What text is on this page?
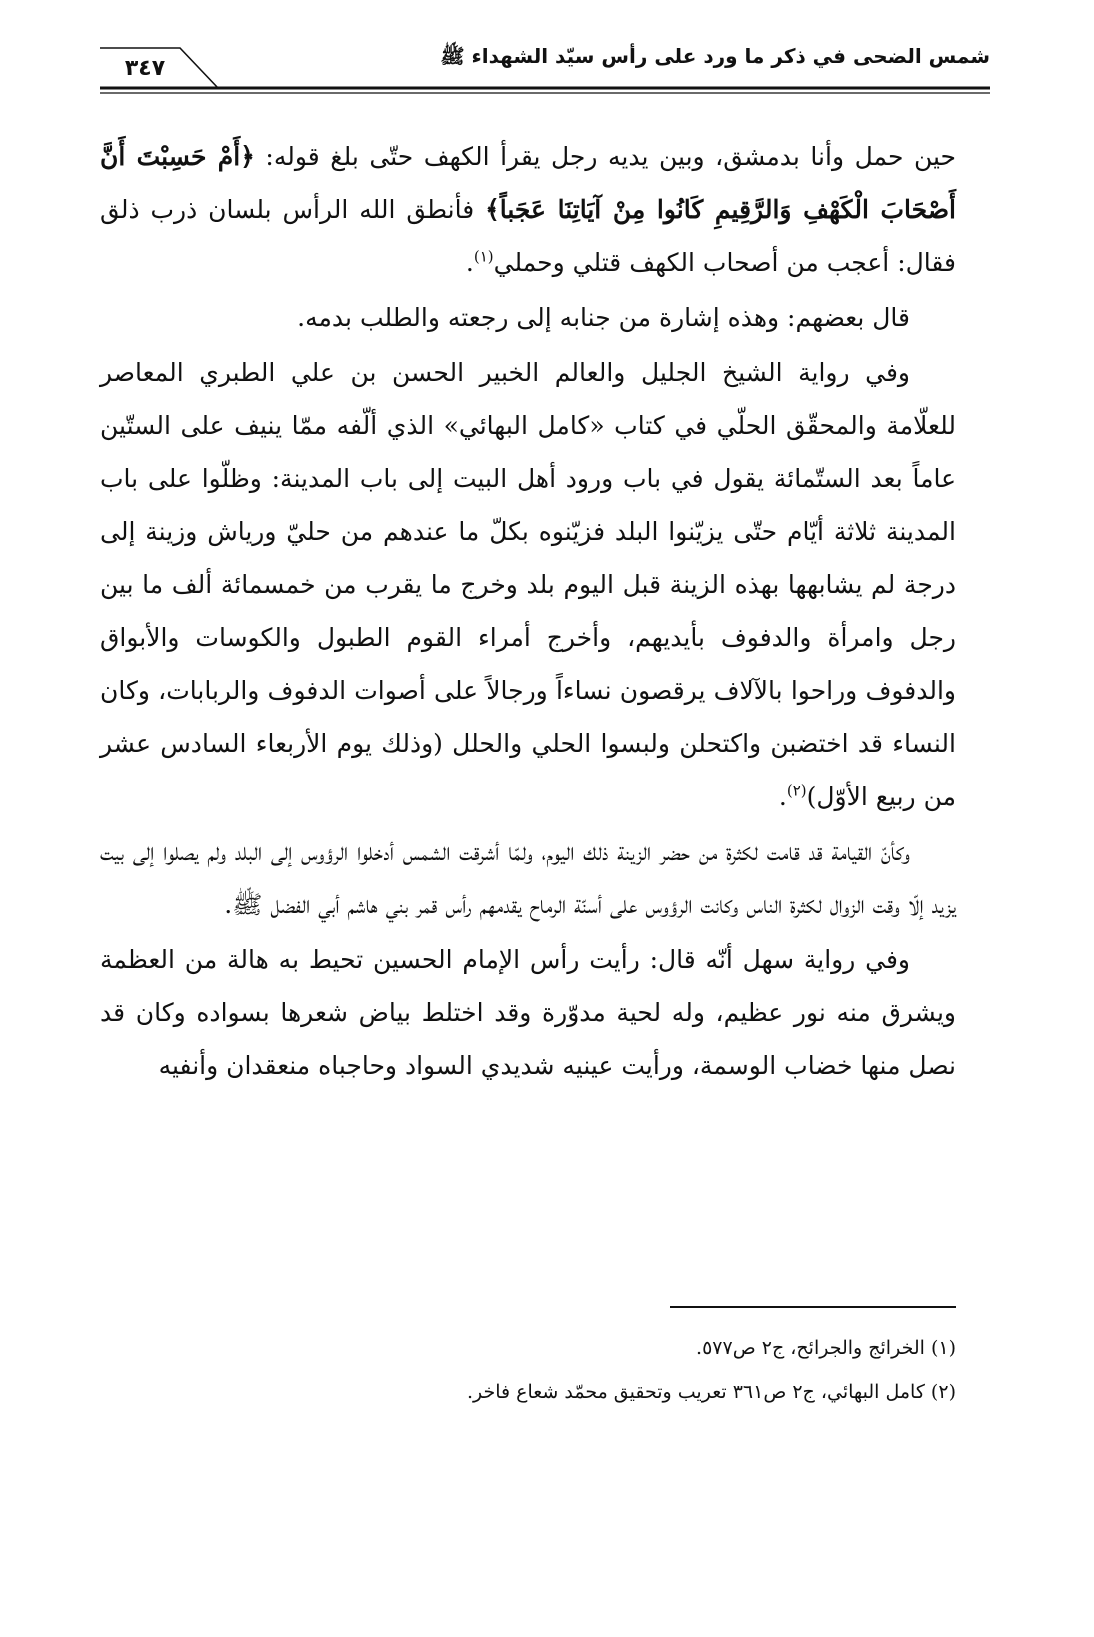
شمس الضحى في ذكر ما ورد على رأس سيّد الشهداء ﷺ
٣٤٧

حين حمل وأنا بدمشق، وبين يديه رجل يقرأ الكهف حتّى بلغ قوله: ﴿أَمْ حَسِبْتَ أَنَّ أَصْحَابَ الْكَهْفِ وَالرَّقِيمِ كَانُوا مِنْ آيَاتِنَا عَجَباً﴾ فأنطق الله الرأس بلسان ذرب ذلق فقال: أعجب من أصحاب الكهف قتلي وحملي$^{(١)}$.

قال بعضهم: وهذه إشارة من جنابه إلى رجعته والطلب بدمه.

وفي رواية الشيخ الجليل والعالم الخبير الحسن بن علي الطبري المعاصر للعلّامة والمحقّق الحلّي في كتاب «كامل البهائي» الذي ألّفه ممّا ينيف على الستّين عاماً بعد الستّمائة يقول في باب ورود أهل البيت إلى باب المدينة: وظلّوا على باب المدينة ثلاثة أيّام حتّى يزيّنوا البلد فزيّنوه بكلّ ما عندهم من حليّ ورياش وزينة إلى درجة لم يشابهها بهذه الزينة قبل اليوم بلد وخرج ما يقرب من خمسمائة ألف ما بين رجل وامرأة والدفوف بأيديهم، وأخرج أمراء القوم الطبول والكوسات والأبواق والدفوف وراحوا بالآلاف يرقصون نساءاً ورجالاً على أصوات الدفوف والربابات، وكان النساء قد اختضبن واكتحلن ولبسوا الحلي والحلل (وذلك يوم الأربعاء السادس عشر من ربيع الأوّل)$^{(٢)}$.

وكأنّ القيامة قد قامت لكثرة من حضر الزينة ذلك اليوم، ولمّا أشرقت الشمس أدخلوا الرؤوس إلى البلد ولم يصلوا إلى بيت يزيد إلّا وقت الزوال لكثرة الناس وكانت الرؤوس على أسنّة الرماح يقدمهم رأس قمر بني هاشم أبي الفضل ﷺ.

وفي رواية سهل أنّه قال: رأيت رأس الإمام الحسين تحيط به هالة من العظمة ويشرق منه نور عظيم، وله لحية مدوّرة وقد اختلط بياض شعرها بسواده وكان قد نصل منها خضاب الوسمة، ورأيت عينيه شديدي السواد وحاجباه منعقدان وأنفيه

(١) الخرائج والجرائح، ج٢ ص٥٧٧.
(٢) كامل البهائي، ج٢ ص٣٦١ تعريب وتحقيق محمّد شعاع فاخر.
